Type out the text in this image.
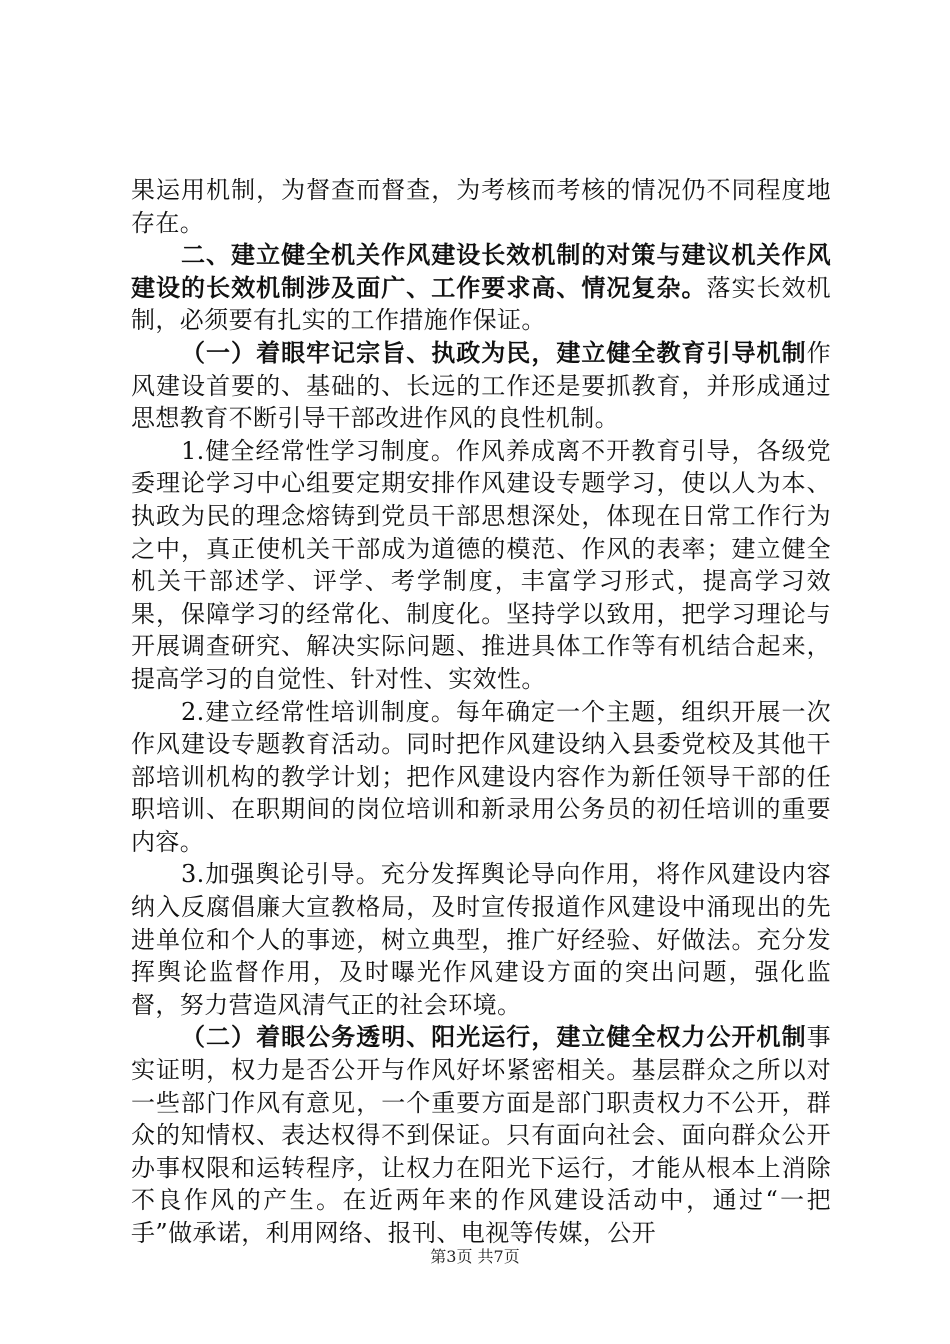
果运用机制，为督查而督查，为考核而考核的情况仍不同程度地存在。

二、建立健全机关作风建设长效机制的对策与建议机关作风建设的长效机制涉及面广、工作要求高、情况复杂。落实长效机制，必须要有扎实的工作措施作保证。

（一）着眼牢记宗旨、执政为民，建立健全教育引导机制作风建设首要的、基础的、长远的工作还是要抓教育，并形成通过思想教育不断引导干部改进作风的良性机制。

1.健全经常性学习制度。作风养成离不开教育引导，各级党委理论学习中心组要定期安排作风建设专题学习，使以人为本、执政为民的理念熔铸到党员干部思想深处，体现在日常工作行为之中，真正使机关干部成为道德的模范、作风的表率；建立健全机关干部述学、评学、考学制度，丰富学习形式，提高学习效果，保障学习的经常化、制度化。坚持学以致用，把学习理论与开展调查研究、解决实际问题、推进具体工作等有机结合起来，提高学习的自觉性、针对性、实效性。

2.建立经常性培训制度。每年确定一个主题，组织开展一次作风建设专题教育活动。同时把作风建设纳入县委党校及其他干部培训机构的教学计划；把作风建设内容作为新任领导干部的任职培训、在职期间的岗位培训和新录用公务员的初任培训的重要内容。

3.加强舆论引导。充分发挥舆论导向作用，将作风建设内容纳入反腐倡廉大宣教格局，及时宣传报道作风建设中涌现出的先进单位和个人的事迹，树立典型，推广好经验、好做法。充分发挥舆论监督作用，及时曝光作风建设方面的突出问题，强化监督，努力营造风清气正的社会环境。

（二）着眼公务透明、阳光运行，建立健全权力公开机制事实证明，权力是否公开与作风好坏紧密相关。基层群众之所以对一些部门作风有意见，一个重要方面是部门职责权力不公开，群众的知情权、表达权得不到保证。只有面向社会、面向群众公开办事权限和运转程序，让权力在阳光下运行，才能从根本上消除不良作风的产生。在近两年来的作风建设活动中，通过“一把手”做承诺，利用网络、报刊、电视等传媒，公开

第3页 共7页
